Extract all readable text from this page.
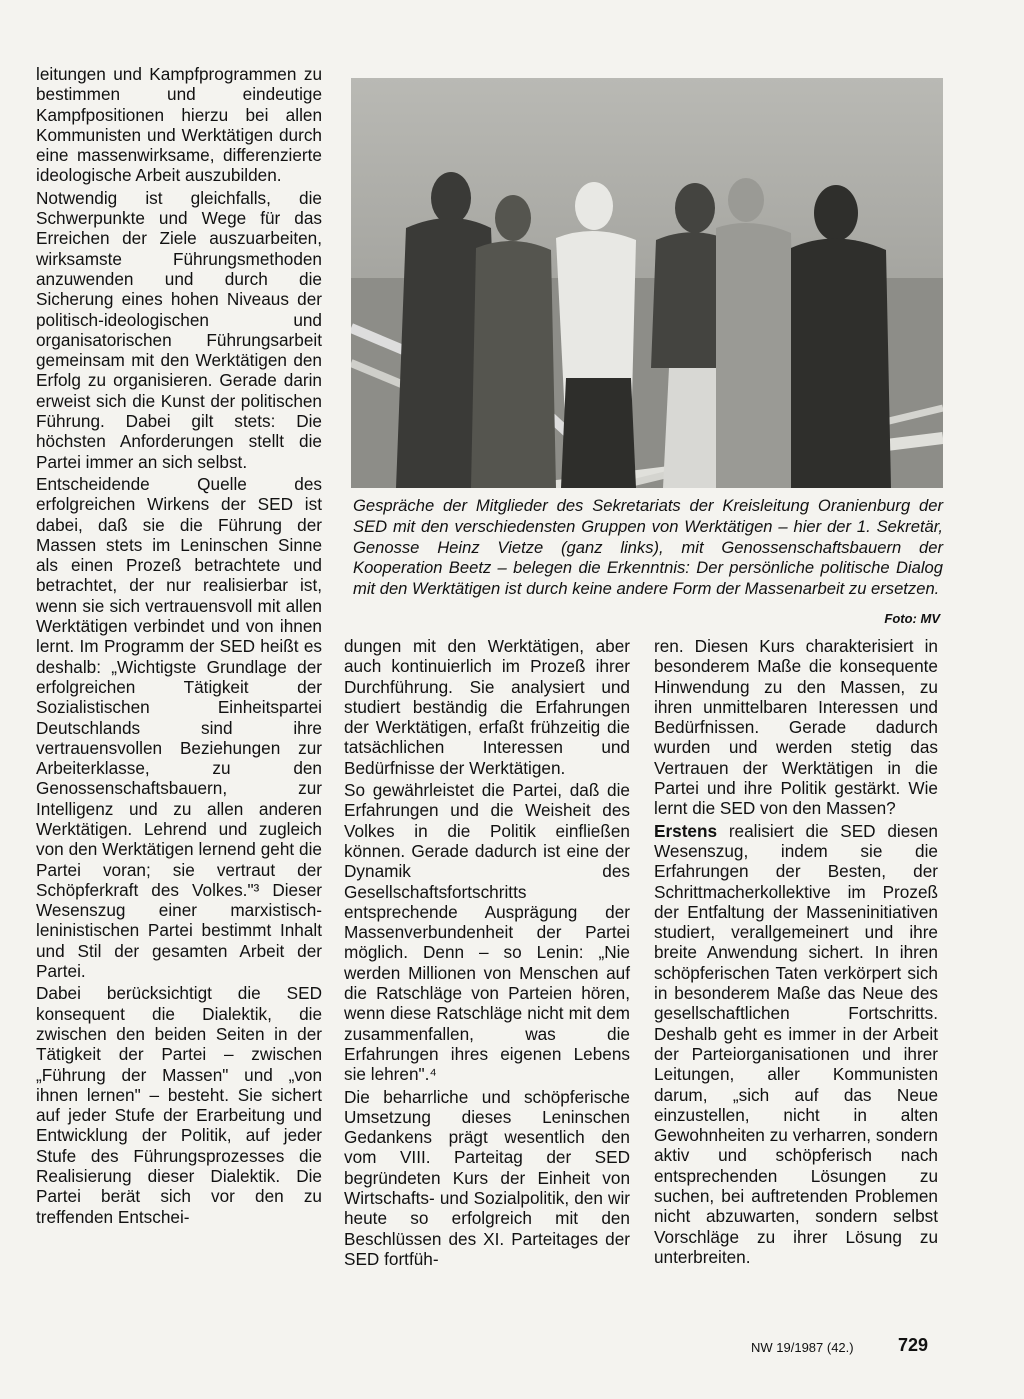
leitungen und Kampfprogrammen zu bestimmen und eindeutige Kampfpositionen hierzu bei allen Kommunisten und Werktätigen durch eine massenwirksame, differenzierte ideologische Arbeit auszubilden.

Notwendig ist gleichfalls, die Schwerpunkte und Wege für das Erreichen der Ziele auszuarbeiten, wirksamste Führungsmethoden anzuwenden und durch die Sicherung eines hohen Niveaus der politisch-ideologischen und organisatorischen Führungsarbeit gemeinsam mit den Werktätigen den Erfolg zu organisieren. Gerade darin erweist sich die Kunst der politischen Führung. Dabei gilt stets: Die höchsten Anforderungen stellt die Partei immer an sich selbst.

Entscheidende Quelle des erfolgreichen Wirkens der SED ist dabei, daß sie die Führung der Massen stets im Leninschen Sinne als einen Prozeß betrachtete und betrachtet, der nur realisierbar ist, wenn sie sich vertrauensvoll mit allen Werktätigen verbindet und von ihnen lernt. Im Programm der SED heißt es deshalb: „Wichtigste Grundlage der erfolgreichen Tätigkeit der Sozialistischen Einheitspartei Deutschlands sind ihre vertrauensvollen Beziehungen zur Arbeiterklasse, zu den Genossenschaftsbauern, zur Intelligenz und zu allen anderen Werktätigen. Lehrend und zugleich von den Werktätigen lernend geht die Partei voran; sie vertraut der Schöpferkraft des Volkes."³ Dieser Wesenszug einer marxistisch-leninistischen Partei bestimmt Inhalt und Stil der gesamten Arbeit der Partei.

Dabei berücksichtigt die SED konsequent die Dialektik, die zwischen den beiden Seiten in der Tätigkeit der Partei – zwischen „Führung der Massen" und „von ihnen lernen" – besteht. Sie sichert auf jeder Stufe der Erarbeitung und Entwicklung der Politik, auf jeder Stufe des Führungsprozesses die Realisierung dieser Dialektik. Die Partei berät sich vor den zu treffenden Entschei-

Gespräche der Mitglieder des Sekretariats der Kreisleitung Oranienburg der SED mit den verschiedensten Gruppen von Werktätigen – hier der 1. Sekretär, Genosse Heinz Vietze (ganz links), mit Genossenschaftsbauern der Kooperation Beetz – belegen die Erkenntnis: Der persönliche politische Dialog mit den Werktätigen ist durch keine andere Form der Massenarbeit zu ersetzen.
Foto: MV

dungen mit den Werktätigen, aber auch kontinuierlich im Prozeß ihrer Durchführung. Sie analysiert und studiert beständig die Erfahrungen der Werktätigen, erfaßt frühzeitig die tatsächlichen Interessen und Bedürfnisse der Werktätigen.

So gewährleistet die Partei, daß die Erfahrungen und die Weisheit des Volkes in die Politik einfließen können. Gerade dadurch ist eine der Dynamik des Gesellschaftsfortschritts entsprechende Ausprägung der Massenverbundenheit der Partei möglich. Denn – so Lenin: „Nie werden Millionen von Menschen auf die Ratschläge von Parteien hören, wenn diese Ratschläge nicht mit dem zusammenfallen, was die Erfahrungen ihres eigenen Lebens sie lehren".⁴

Die beharrliche und schöpferische Umsetzung dieses Leninschen Gedankens prägt wesentlich den vom VIII. Parteitag der SED begründeten Kurs der Einheit von Wirtschafts- und Sozialpolitik, den wir heute so erfolgreich mit den Beschlüssen des XI. Parteitages der SED fortfüh-

ren. Diesen Kurs charakterisiert in besonderem Maße die konsequente Hinwendung zu den Massen, zu ihren unmittelbaren Interessen und Bedürfnissen. Gerade dadurch wurden und werden stetig das Vertrauen der Werktätigen in die Partei und ihre Politik gestärkt. Wie lernt die SED von den Massen?

Erstens realisiert die SED diesen Wesenszug, indem sie die Erfahrungen der Besten, der Schrittmacherkollektive im Prozeß der Entfaltung der Masseninitiativen studiert, verallgemeinert und ihre breite Anwendung sichert. In ihren schöpferischen Taten verkörpert sich in besonderem Maße das Neue des gesellschaftlichen Fortschritts. Deshalb geht es immer in der Arbeit der Parteiorganisationen und ihrer Leitungen, aller Kommunisten darum, „sich auf das Neue einzustellen, nicht in alten Gewohnheiten zu verharren, sondern aktiv und schöpferisch nach entsprechenden Lösungen zu suchen, bei auftretenden Problemen nicht abzuwarten, sondern selbst Vorschläge zu ihrer Lösung zu unterbreiten.

NW 19/1987 (42.) 729
